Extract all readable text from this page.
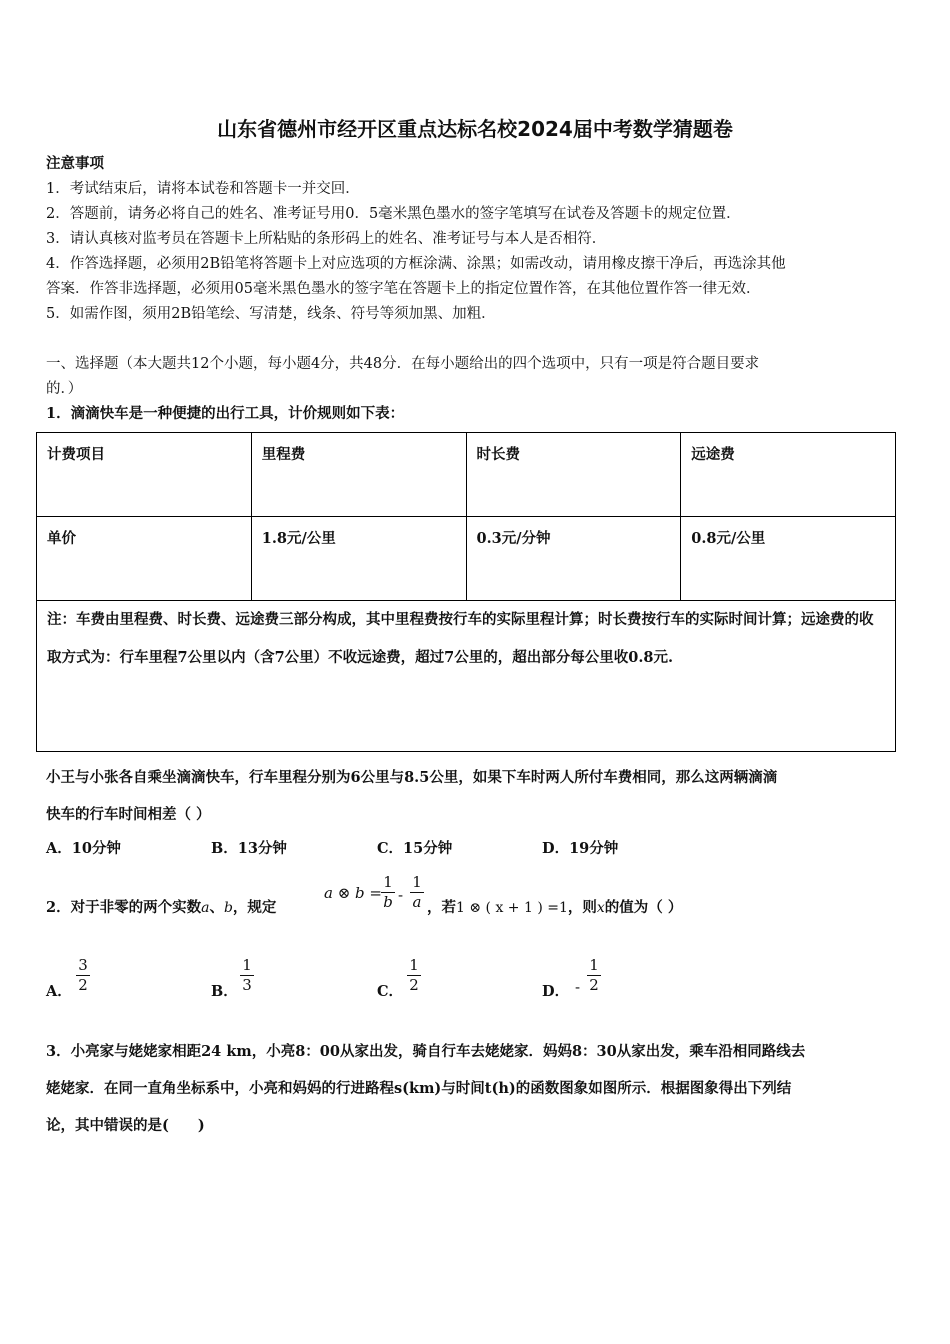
山东省德州市经开区重点达标名校2024届中考数学猜题卷
注意事项
1．考试结束后，请将本试卷和答题卡一并交回．
2．答题前，请务必将自己的姓名、准考证号用0．5毫米黑色墨水的签字笔填写在试卷及答题卡的规定位置．
3．请认真核对监考员在答题卡上所粘贴的条形码上的姓名、准考证号与本人是否相符．
4．作答选择题，必须用2B铅笔将答题卡上对应选项的方框涂满、涂黑；如需改动，请用橡皮擦干净后，再选涂其他
答案．作答非选择题，必须用05毫米黑色墨水的签字笔在答题卡上的指定位置作答，在其他位置作答一律无效．
5．如需作图，须用2B铅笔绘、写清楚，线条、符号等须加黑、加粗．
一、选择题（本大题共12个小题，每小题4分，共48分．在每小题给出的四个选项中，只有一项是符合题目要求
的．）
1．滴滴快车是一种便捷的出行工具，计价规则如下表：
计费项目	里程费	时长费	远途费
单价	1.8元/公里	0.3元/分钟	0.8元/公里
注：车费由里程费、时长费、远途费三部分构成，其中里程费按行车的实际里程计算；时长费按行车的实际时间计算；远途费的收取方式为：行车里程7公里以内（含7公里）不收远途费，超过7公里的，超出部分每公里收0.8元.			
小王与小张各自乘坐滴滴快车，行车里程分别为6公里与8.5公里，如果下车时两人所付车费相同，那么这两辆滴滴
快车的行车时间相差（ ）
A．10分钟	B．13分钟	C．15分钟	D．19分钟
2．对于非零的两个实数a、b，规定
a ⊗ b =
1
b -
1
a ，若1 ⊗ ( x + 1 ) =1，则x的值为（ ）
A．
3
2	B．
1
3	C．
1
2	D． -
1
2
3．小亮家与姥姥家相距24 km，小亮8：00从家出发，骑自行车去姥姥家．妈妈8：30从家出发，乘车沿相同路线去
姥姥家．在同一直角坐标系中，小亮和妈妈的行进路程s(km)与时间t(h)的函数图象如图所示．根据图象得出下列结
论，其中错误的是(　　)
